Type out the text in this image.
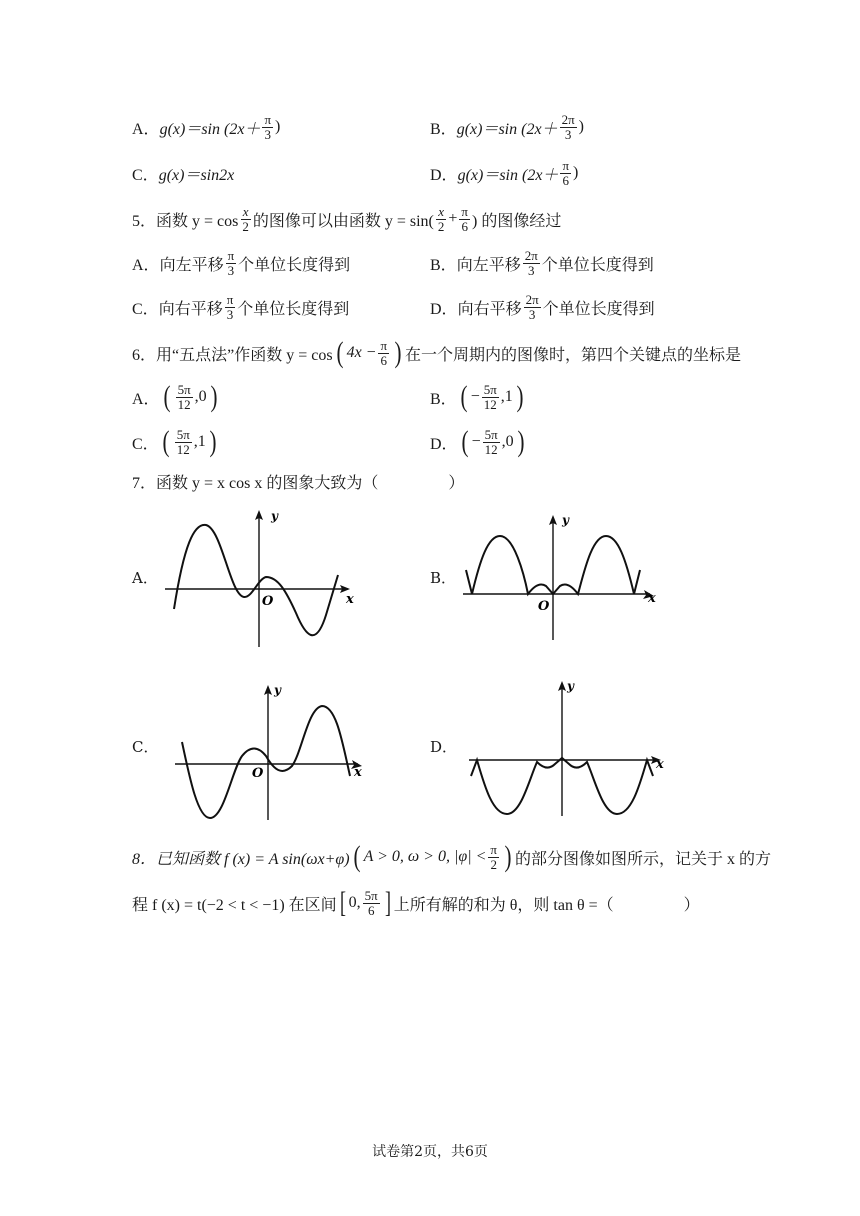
A． g(x)＝sin ($2x+ \frac{\pi}{3}$ )	B． g(x)＝sin ($2x+ \frac{2\pi}{3}$ )
C． g(x)＝sin2x	D． g(x)＝sin ($2x+ \frac{\pi}{6}$ )
5．函数 $y = \cos \frac{x}{2}$ 的图像可以由函数 $y = \sin( \frac{x}{2} + \frac{\pi}{6}$ ) 的图像经过
A． 向左平移 $\frac{\pi}{3}$ 个单位长度得到	B． 向左平移 $\frac{2\pi}{3}$ 个单位长度得到
C． 向右平移 $\frac{\pi}{3}$ 个单位长度得到	D． 向右平移 $\frac{2\pi}{3}$ 个单位长度得到
6．用“五点法”作函数 y = cos ( $4x - \frac{\pi}{6}$ ) 在一个周期内的图像时，第四个关键点的坐标是
A． ( $\frac{5\pi}{12} ,0$ )	B． ( − $\frac{5\pi}{12} ,1$ )
C． ( $\frac{5\pi}{12} ,1$ )	D． ( − $\frac{5\pi}{12} ,0$ )
7．函数 y = x cos x 的图象大致为（	）
A．	B．
C．	D．
y
x
O
y
x
O
y
x
O
y
x
8．已知函数 f (x) = A sin(ωx+φ) ( A > 0, ω > 0, $|\varphi| < \frac{\pi}{2}$ ) 的部分图像如图所示，记关于 x 的方
程 f (x) = t(−2 < t < −1) 在区间 [ 0, $\frac{5\pi}{6}$ ] 上所有解的和为 θ，则 tan θ =（	）
试卷第2页，共6页
